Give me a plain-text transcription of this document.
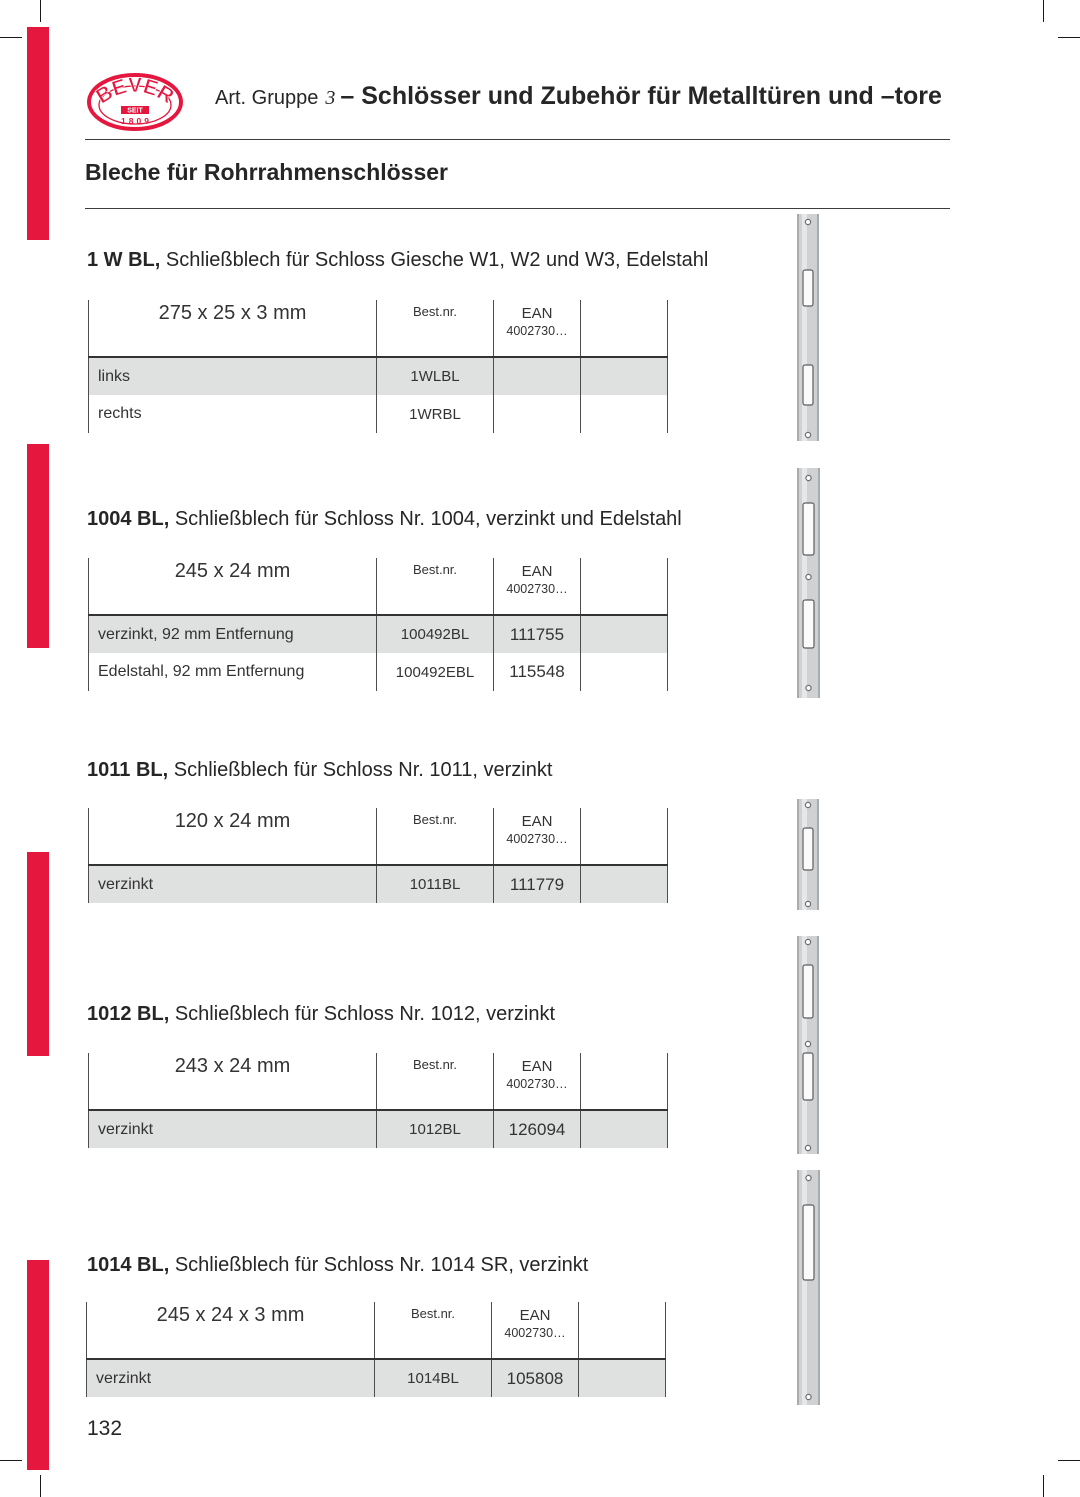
BEVER
SEIT
1809
Art. Gruppe 3 – Schlösser und Zubehör für Metalltüren und –tore
Bleche für Rohrrahmenschlösser
1 W BL, Schließblech für Schloss Giesche W1, W2 und W3, Edelstahl
275 x 25 x 3 mm	Best.nr.	EAN
4002730…	

links	1WLBL		
rechts	1WRBL		
1004 BL, Schließblech für Schloss Nr. 1004, verzinkt und Edelstahl
245 x 24 mm	Best.nr.	EAN
4002730…	

verzinkt, 92 mm Entfernung	100492BL	111755	
Edelstahl, 92 mm Entfernung	100492EBL	115548	
1011 BL, Schließblech für Schloss Nr. 1011, verzinkt
120 x 24 mm	Best.nr.	EAN
4002730…	

verzinkt	1011BL	111779	
1012 BL, Schließblech für Schloss Nr. 1012, verzinkt
243 x 24 mm	Best.nr.	EAN
4002730…	

verzinkt	1012BL	126094	
1014 BL, Schließblech für Schloss Nr. 1014 SR, verzinkt
245 x 24 x 3 mm	Best.nr.	EAN
4002730…	

verzinkt	1014BL	105808	
132
